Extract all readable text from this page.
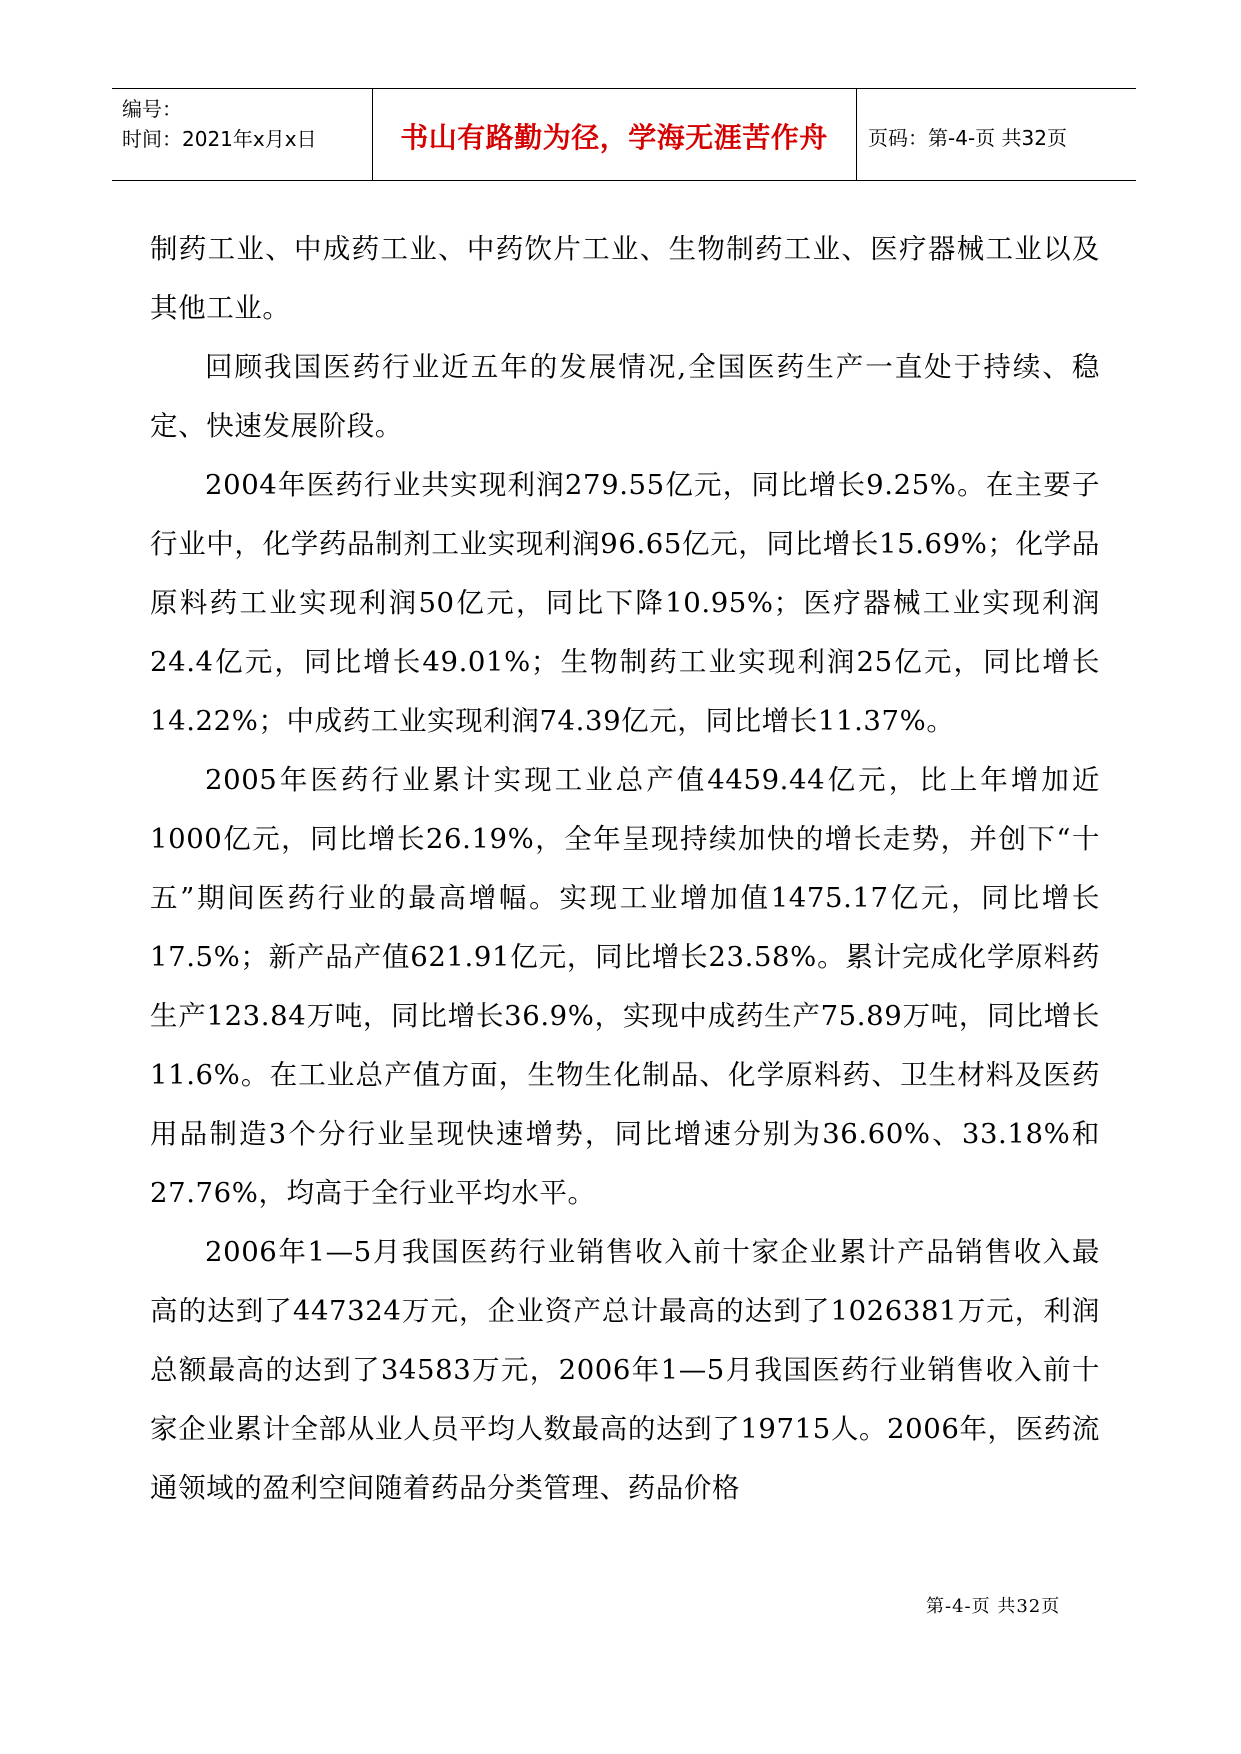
编号：
时间：2021年x月x日	书山有路勤为径，学海无涯苦作舟	页码：第-4-页 共32页

制药工业、中成药工业、中药饮片工业、生物制药工业、医疗器械工业以及其他工业。

回顾我国医药行业近五年的发展情况,全国医药生产一直处于持续、稳定、快速发展阶段。

2004年医药行业共实现利润279.55亿元，同比增长9.25%。在主要子行业中，化学药品制剂工业实现利润96.65亿元，同比增长15.69%；化学品原料药工业实现利润50亿元，同比下降10.95%；医疗器械工业实现利润24.4亿元，同比增长49.01%；生物制药工业实现利润25亿元，同比增长14.22%；中成药工业实现利润74.39亿元，同比增长11.37%。

2005年医药行业累计实现工业总产值4459.44亿元，比上年增加近1000亿元，同比增长26.19%，全年呈现持续加快的增长走势，并创下“十五”期间医药行业的最高增幅。实现工业增加值1475.17亿元，同比增长17.5%；新产品产值621.91亿元，同比增长23.58%。累计完成化学原料药生产123.84万吨，同比增长36.9%，实现中成药生产75.89万吨，同比增长11.6%。在工业总产值方面，生物生化制品、化学原料药、卫生材料及医药用品制造3个分行业呈现快速增势，同比增速分别为36.60%、33.18%和27.76%，均高于全行业平均水平。

2006年1—5月我国医药行业销售收入前十家企业累计产品销售收入最高的达到了447324万元，企业资产总计最高的达到了1026381万元，利润总额最高的达到了34583万元，2006年1—5月我国医药行业销售收入前十家企业累计全部从业人员平均人数最高的达到了19715人。2006年，医药流通领域的盈利空间随着药品分类管理、药品价格

第-4-页 共32页
